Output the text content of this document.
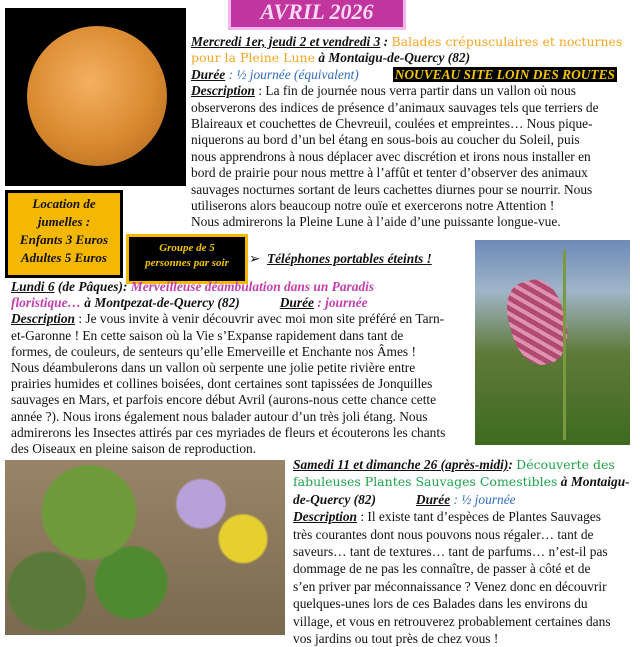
AVRIL 2026
Mercredi 1er, jeudi 2 et vendredi 3 : Balades crépusculaires et nocturnes
pour la Pleine Lune à Montaigu-de-Quercy (82)
Durée : ½ journée (équivalent)	NOUVEAU SITE LOIN DES ROUTES
Description : La fin de journée nous verra partir dans un vallon où nous
observerons des indices de présence d’animaux sauvages tels que terriers de
Blaireaux et couchettes de Chevreuil, coulées et empreintes… Nous pique-
niquerons au bord d’un bel étang en sous-bois au coucher du Soleil, puis
nous apprendrons à nous déplacer avec discrétion et irons nous installer en
bord de prairie pour nous mettre à l’affût et tenter d’observer des animaux
sauvages nocturnes sortant de leurs cachettes diurnes pour se nourrir. Nous
utiliserons alors beaucoup notre ouïe et exercerons notre Attention !
Nous admirerons la Pleine Lune à l’aide d’une puissante longue-vue.
Location de
jumelles :
Enfants 3 Euros
Adultes 5 Euros
Groupe de 5
personnes par soir	➢ Téléphones portables éteints !
Lundi 6 (de Pâques): Merveilleuse déambulation dans un Paradis
floristique… à Montpezat-de-Quercy (82)	Durée : journée
Description : Je vous invite à venir découvrir avec moi mon site préféré en Tarn-
et-Garonne ! En cette saison où la Vie s’Expanse rapidement dans tant de
formes, de couleurs, de senteurs qu’elle Emerveille et Enchante nos Âmes !
Nous déambulerons dans un vallon où serpente une jolie petite rivière entre
prairies humides et collines boisées, dont certaines sont tapissées de Jonquilles
sauvages en Mars, et parfois encore début Avril (aurons-nous cette chance cette
année ?). Nous irons également nous balader autour d’un très joli étang. Nous
admirerons les Insectes attirés par ces myriades de fleurs et écouterons les chants
des Oiseaux en pleine saison de reproduction.
Samedi 11 et dimanche 26 (après-midi): Découverte des
fabuleuses Plantes Sauvages Comestibles à Montaigu-
de-Quercy (82)	Durée : ½ journée
Description : Il existe tant d’espèces de Plantes Sauvages
très courantes dont nous pouvons nous régaler… tant de
saveurs… tant de textures… tant de parfums… n’est-il pas
dommage de ne pas les connaître, de passer à côté et de
s’en priver par méconnaissance ? Venez donc en découvrir
quelques-unes lors de ces Balades dans les environs du
village, et vous en retrouverez probablement certaines dans
vos jardins ou tout près de chez vous !
